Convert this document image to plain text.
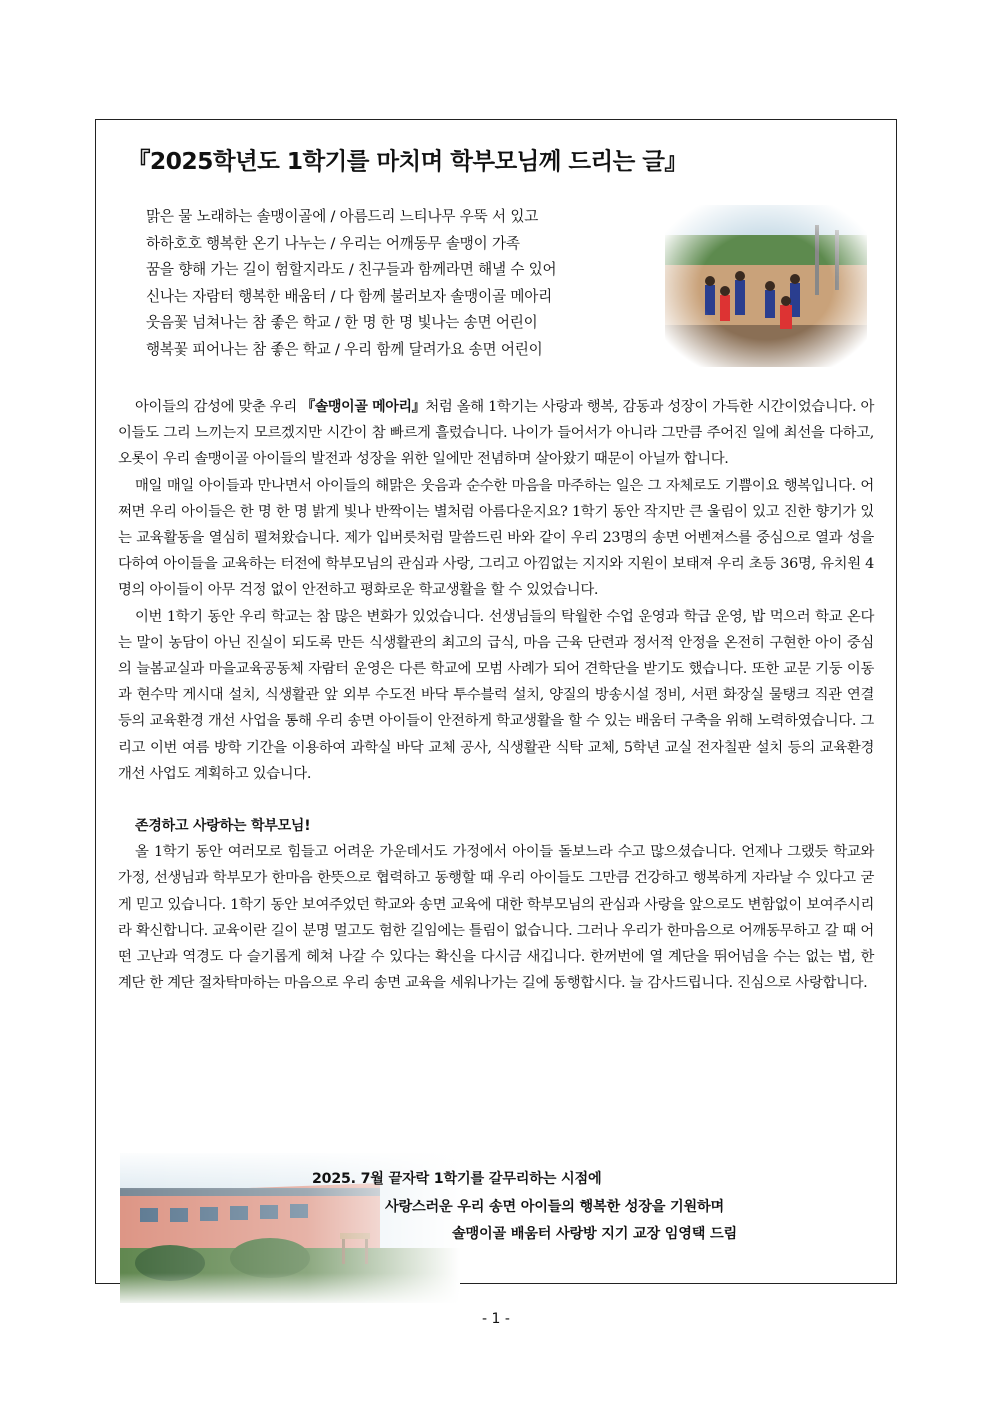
『2025학년도 1학기를 마치며 학부모님께 드리는 글』
맑은 물 노래하는 솔맹이골에 / 아름드리 느티나무 우뚝 서 있고
하하호호 행복한 온기 나누는 / 우리는 어깨동무 솔맹이 가족
꿈을 향해 가는 길이 험할지라도 / 친구들과 함께라면 해낼 수 있어
신나는 자람터 행복한 배움터 / 다 함께 불러보자 솔맹이골 메아리
웃음꽃 넘쳐나는 참 좋은 학교 / 한 명 한 명 빛나는 송면 어린이
행복꽃 피어나는 참 좋은 학교 / 우리 함께 달려가요 송면 어린이

아이들의 감성에 맞춘 우리 『솔맹이골 메아리』처럼 올해 1학기는 사랑과 행복, 감동과 성장이 가득한 시간이었습니다. 아이들도 그리 느끼는지 모르겠지만 시간이 참 빠르게 흘렀습니다. 나이가 들어서가 아니라 그만큼 주어진 일에 최선을 다하고, 오롯이 우리 솔맹이골 아이들의 발전과 성장을 위한 일에만 전념하며 살아왔기 때문이 아닐까 합니다.

매일 매일 아이들과 만나면서 아이들의 해맑은 웃음과 순수한 마음을 마주하는 일은 그 자체로도 기쁨이요 행복입니다. 어쩌면 우리 아이들은 한 명 한 명 밝게 빛나 반짝이는 별처럼 아름다운지요? 1학기 동안 작지만 큰 울림이 있고 진한 향기가 있는 교육활동을 열심히 펼쳐왔습니다. 제가 입버릇처럼 말씀드린 바와 같이 우리 23명의 송면 어벤져스를 중심으로 열과 성을 다하여 아이들을 교육하는 터전에 학부모님의 관심과 사랑, 그리고 아낌없는 지지와 지원이 보태져 우리 초등 36명, 유치원 4명의 아이들이 아무 걱정 없이 안전하고 평화로운 학교생활을 할 수 있었습니다.

이번 1학기 동안 우리 학교는 참 많은 변화가 있었습니다. 선생님들의 탁월한 수업 운영과 학급 운영, 밥 먹으러 학교 온다는 말이 농담이 아닌 진실이 되도록 만든 식생활관의 최고의 급식, 마음 근육 단련과 정서적 안정을 온전히 구현한 아이 중심의 늘봄교실과 마을교육공동체 자람터 운영은 다른 학교에 모범 사례가 되어 견학단을 받기도 했습니다. 또한 교문 기둥 이동과 현수막 게시대 설치, 식생활관 앞 외부 수도전 바닥 투수블럭 설치, 양질의 방송시설 정비, 서편 화장실 물탱크 직관 연결 등의 교육환경 개선 사업을 통해 우리 송면 아이들이 안전하게 학교생활을 할 수 있는 배움터 구축을 위해 노력하였습니다. 그리고 이번 여름 방학 기간을 이용하여 과학실 바닥 교체 공사, 식생활관 식탁 교체, 5학년 교실 전자칠판 설치 등의 교육환경 개선 사업도 계획하고 있습니다.

존경하고 사랑하는 학부모님!

올 1학기 동안 여러모로 힘들고 어려운 가운데서도 가정에서 아이들 돌보느라 수고 많으셨습니다. 언제나 그랬듯 학교와 가정, 선생님과 학부모가 한마음 한뜻으로 협력하고 동행할 때 우리 아이들도 그만큼 건강하고 행복하게 자라날 수 있다고 굳게 믿고 있습니다. 1학기 동안 보여주었던 학교와 송면 교육에 대한 학부모님의 관심과 사랑을 앞으로도 변함없이 보여주시리라 확신합니다. 교육이란 길이 분명 멀고도 험한 길임에는 틀림이 없습니다. 그러나 우리가 한마음으로 어깨동무하고 갈 때 어떤 고난과 역경도 다 슬기롭게 헤쳐 나갈 수 있다는 확신을 다시금 새깁니다. 한꺼번에 열 계단을 뛰어넘을 수는 없는 법, 한 계단 한 계단 절차탁마하는 마음으로 우리 송면 교육을 세워나가는 길에 동행합시다. 늘 감사드립니다. 진심으로 사랑합니다.

2025. 7월 끝자락 1학기를 갈무리하는 시점에
사랑스러운 우리 송면 아이들의 행복한 성장을 기원하며
솔맹이골 배움터 사랑방 지기 교장 임영택 드림
- 1 -
